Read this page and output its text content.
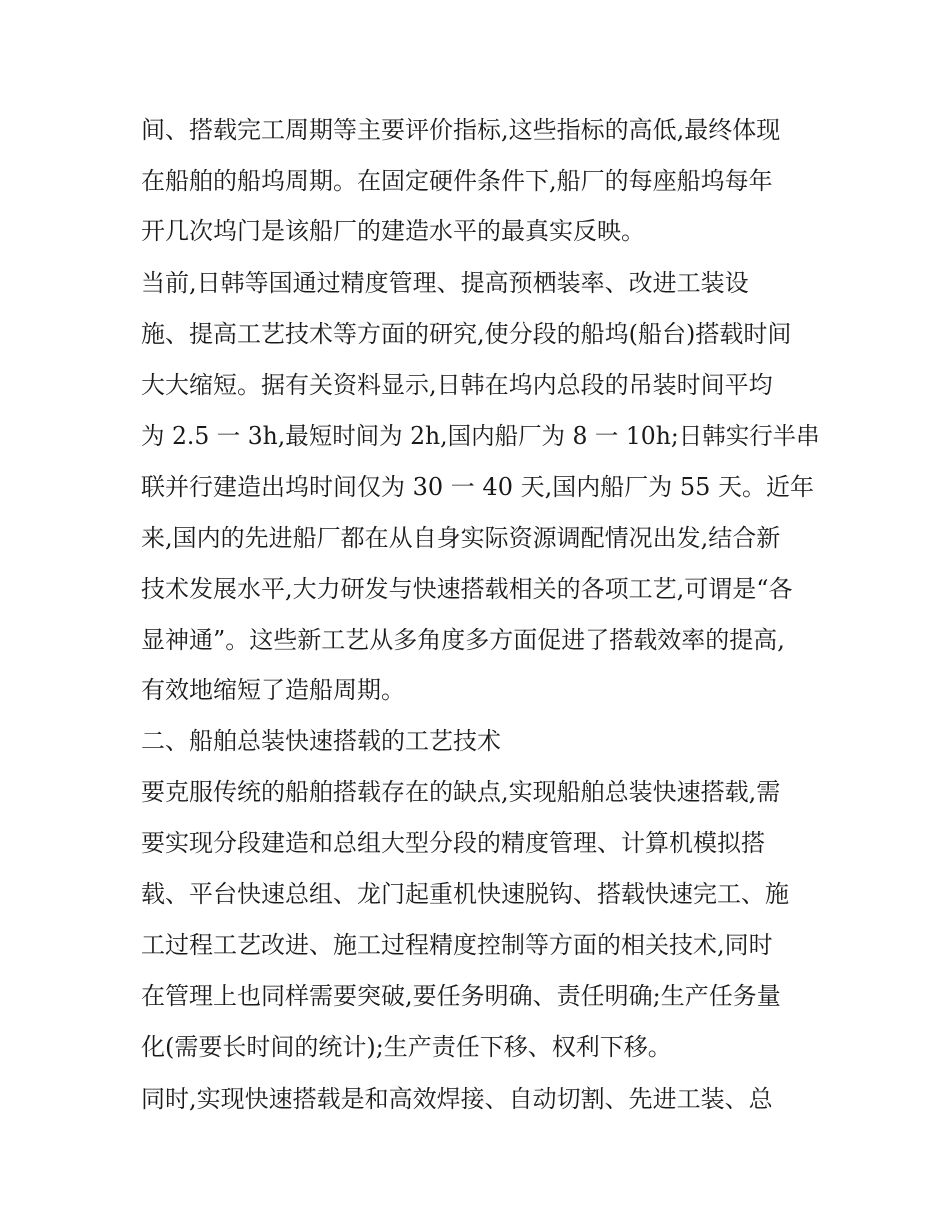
间、搭载完工周期等主要评价指标,这些指标的高低,最终体现
在船舶的船坞周期。在固定硬件条件下,船厂的每座船坞每年
开几次坞门是该船厂的建造水平的最真实反映。
当前,日韩等国通过精度管理、提高预栖装率、改进工装设
施、提高工艺技术等方面的研究,使分段的船坞(船台)搭载时间
大大缩短。据有关资料显示,日韩在坞内总段的吊装时间平均
为 2.5 一 3h,最短时间为 2h,国内船厂为 8 一 10h;日韩实行半串
联并行建造出坞时间仅为 30 一 40 天,国内船厂为 55 天。近年
来,国内的先进船厂都在从自身实际资源调配情况出发,结合新
技术发展水平,大力研发与快速搭载相关的各项工艺,可谓是“各
显神通”。这些新工艺从多角度多方面促进了搭载效率的提高,
有效地缩短了造船周期。
二、船舶总装快速搭载的工艺技术
要克服传统的船舶搭载存在的缺点,实现船舶总装快速搭载,需
要实现分段建造和总组大型分段的精度管理、计算机模拟搭
载、平台快速总组、龙门起重机快速脱钩、搭载快速完工、施
工过程工艺改进、施工过程精度控制等方面的相关技术,同时
在管理上也同样需要突破,要任务明确、责任明确;生产任务量
化(需要长时间的统计);生产责任下移、权利下移。
同时,实现快速搭载是和高效焊接、自动切割、先进工装、总
